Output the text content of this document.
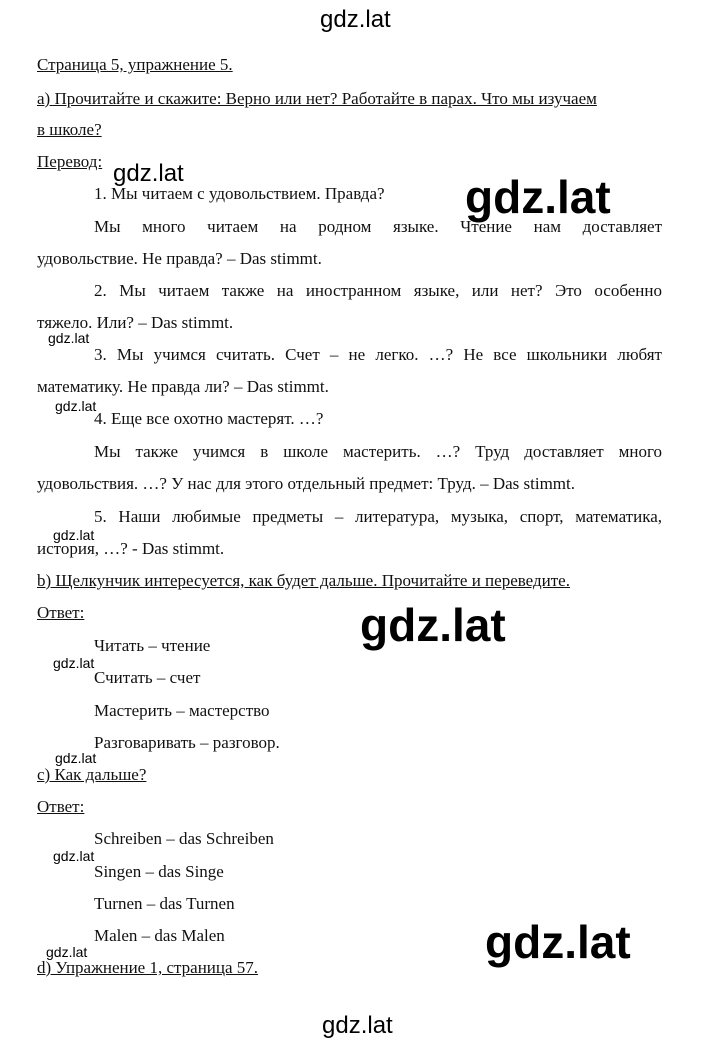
gdz.lat
gdz.lat	gdz.lat
gdz.lat
gdz.lat
gdz.lat
gdz.lat
gdz.lat
gdz.lat
gdz.lat
gdz.lat	gdz.lat
gdz.lat
Страница 5, упражнение 5.
а) Прочитайте и скажите: Верно или нет? Работайте в парах. Что мы изучаем
в школе?
Перевод:
1. Мы читаем с удовольствием. Правда?
Мы много читаем на родном языке. Чтение нам доставляет
удовольствие. Не правда? – Das stimmt.
2. Мы читаем также на иностранном языке, или нет? Это особенно
тяжело. Или? – Das stimmt.
3. Мы учимся считать. Счет – не легко. …? Не все школьники любят
математику. Не правда ли? – Das stimmt.
4. Еще все охотно мастерят. …?
Мы также учимся в школе мастерить. …? Труд доставляет много
удовольствия. …? У нас для этого отдельный предмет: Труд. – Das stimmt.
5. Наши любимые предметы – литература, музыка, спорт, математика,
история, …? - Das stimmt.
b) Щелкунчик интересуется, как будет дальше. Прочитайте и переведите.
Ответ:
Читать – чтение
Считать – счет
Мастерить – мастерство
Разговаривать – разговор.
с) Как дальше?
Ответ:
Schreiben – das Schreiben
Singen – das Singe
Turnen – das Turnen
Malen – das Malen
d) Упражнение 1, страница 57.
